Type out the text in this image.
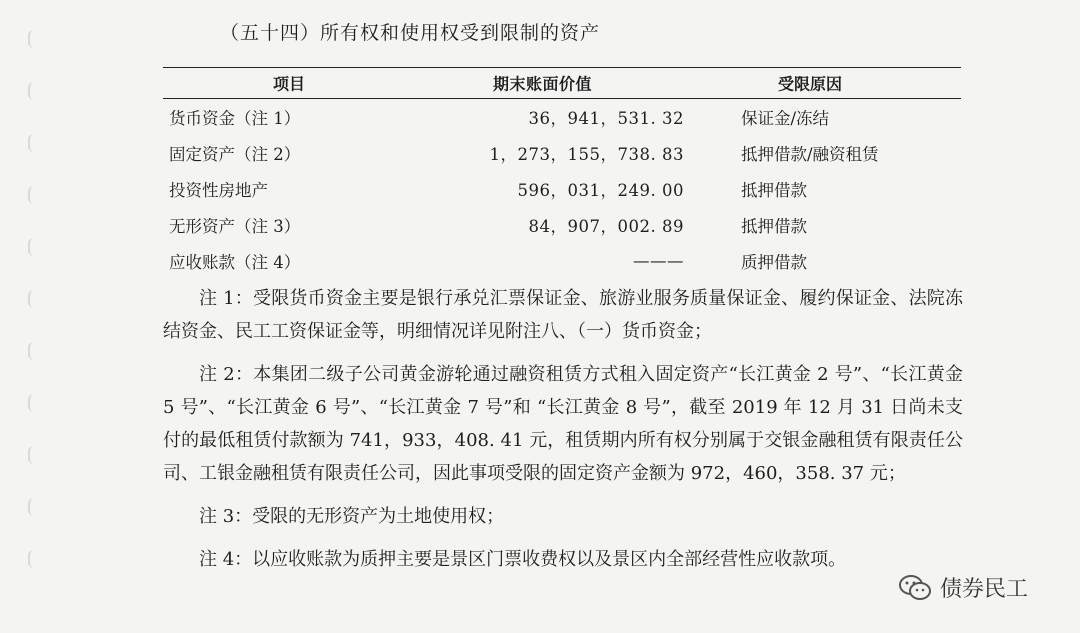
（五十四）所有权和使用权受到限制的资产
项目	期末账面价值	受限原因
货币资金（注 1）	36，941，531. 32	保证金/冻结
固定资产（注 2）	1，273，155，738. 83	抵押借款/融资租赁
投资性房地产	596，031，249. 00	抵押借款
无形资产（注 3）	84，907，002. 89	抵押借款
应收账款（注 4）	———	质押借款

注 1：受限货币资金主要是银行承兑汇票保证金、旅游业服务质量保证金、履约保证金、法院冻结资金、民工工资保证金等，明细情况详见附注八、（一）货币资金；

注 2：本集团二级子公司黄金游轮通过融资租赁方式租入固定资产“长江黄金 2 号”、“长江黄金 5 号”、“长江黄金 6 号”、“长江黄金 7 号”和 “长江黄金 8 号”，截至 2019 年 12 月 31 日尚未支付的最低租赁付款额为 741，933，408. 41 元，租赁期内所有权分别属于交银金融租赁有限责任公司、工银金融租赁有限责任公司，因此事项受限的固定资产金额为 972，460，358. 37 元；

注 3：受限的无形资产为土地使用权；

注 4：以应收账款为质押主要是景区门票收费权以及景区内全部经营性应收款项。

债券民工
